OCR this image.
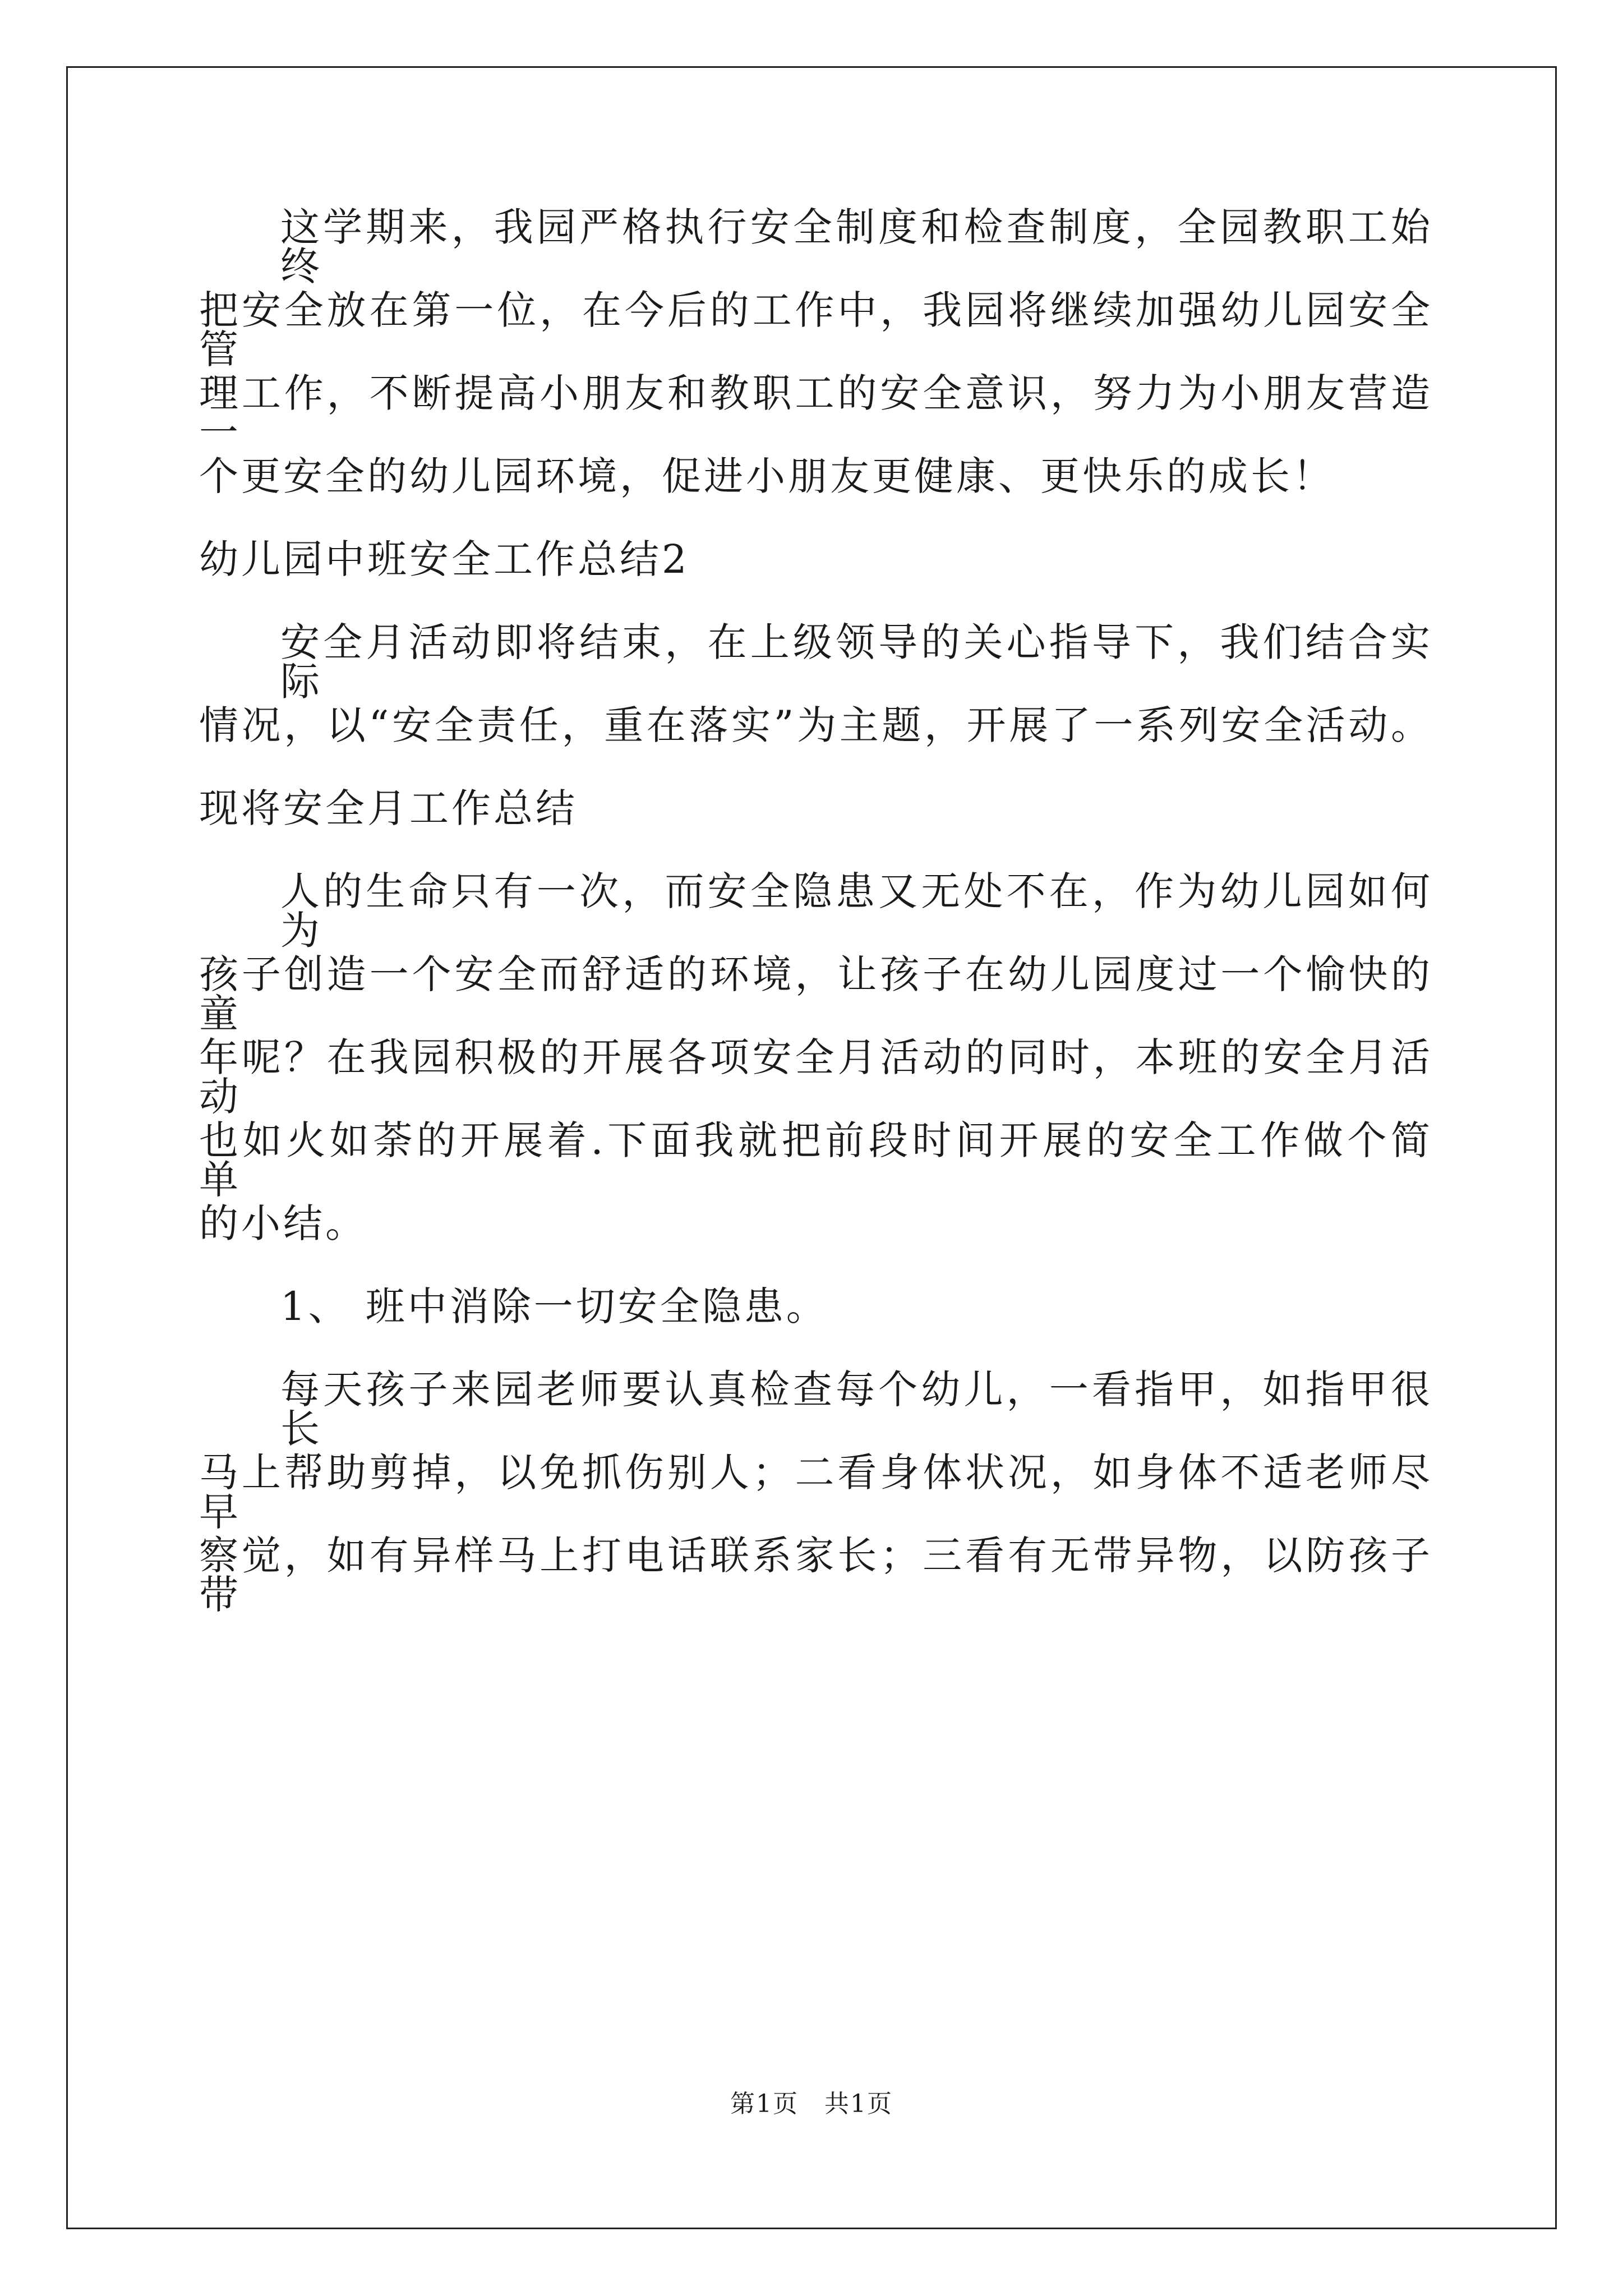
这学期来，我园严格执行安全制度和检查制度，全园教职工始终
把安全放在第一位，在今后的工作中，我园将继续加强幼儿园安全管
理工作，不断提高小朋友和教职工的安全意识，努力为小朋友营造一
个更安全的幼儿园环境，促进小朋友更健康、更快乐的成长！
幼儿园中班安全工作总结2
安全月活动即将结束，在上级领导的关心指导下，我们结合实际
情况，以“安全责任，重在落实”为主题，开展了一系列安全活动。
现将安全月工作总结
人的生命只有一次，而安全隐患又无处不在，作为幼儿园如何为
孩子创造一个安全而舒适的环境，让孩子在幼儿园度过一个愉快的童
年呢？在我园积极的开展各项安全月活动的同时，本班的安全月活动
也如火如荼的开展着.下面我就把前段时间开展的安全工作做个简单
的小结。
1、 班中消除一切安全隐患。
每天孩子来园老师要认真检查每个幼儿，一看指甲，如指甲很长
马上帮助剪掉，以免抓伤别人；二看身体状况，如身体不适老师尽早
察觉，如有异样马上打电话联系家长；三看有无带异物，以防孩子带
第1页　共1页
